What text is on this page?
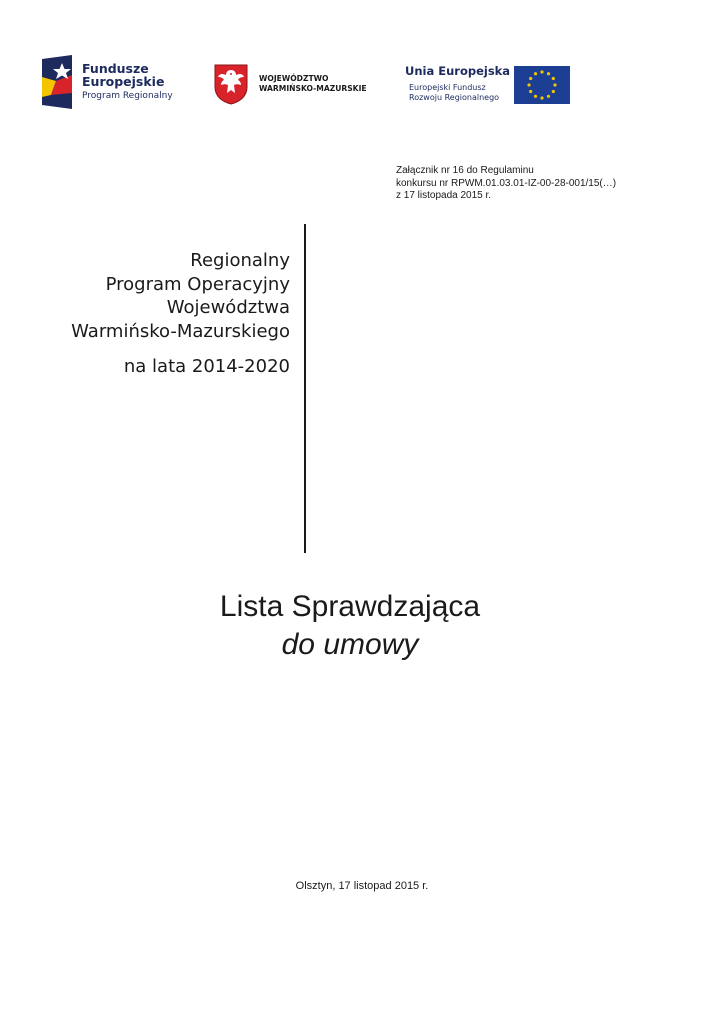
Fundusze
Europejskie
Program Regionalny
WOJEWÓDZTWO
WARMIŃSKO-MAZURSKIE
Unia Europejska
Europejski Fundusz
Rozwoju Regionalnego
Załącznik nr 16 do Regulaminu
konkursu nr RPWM.01.03.01-IZ-00-28-001/15(…)
z 17 listopada 2015 r.
Regionalny
Program Operacyjny
Województwa
Warmińsko-Mazurskiego
na lata 2014-2020
Lista Sprawdzająca
do umowy
Olsztyn, 17 listopad 2015 r.
